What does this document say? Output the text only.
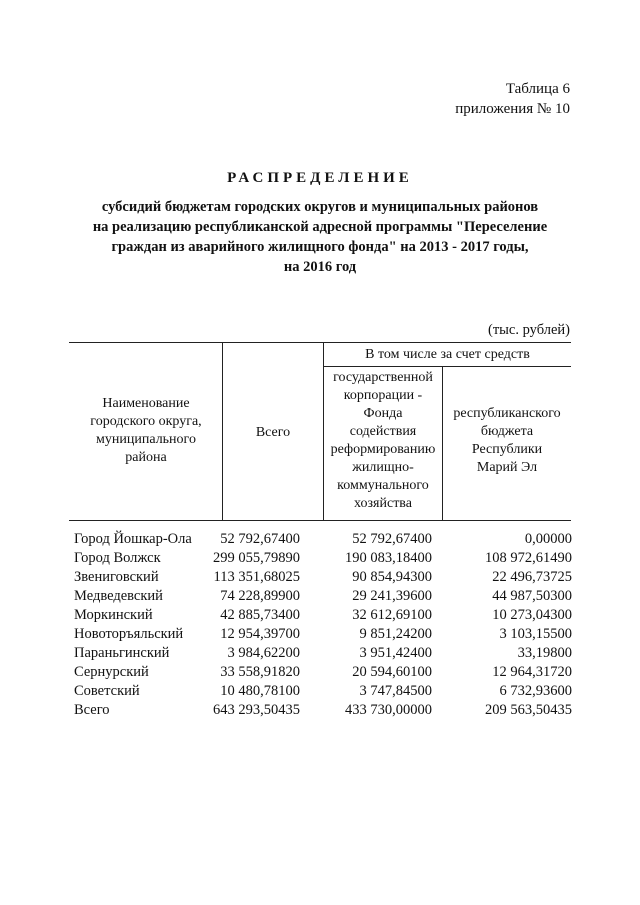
Таблица 6
приложения № 10
РАСПРЕДЕЛЕНИЕ
субсидий бюджетам городских округов и муниципальных районов
на реализацию республиканской адресной программы "Переселение
граждан из аварийного жилищного фонда" на 2013 - 2017 годы,
на 2016 год
(тыс. рублей)
Наименование
городского округа,
муниципального
района
Всего
В том числе за счет средств
государственной
корпорации -
Фонда
содействия
реформированию
жилищно-
коммунального
хозяйства
республиканского
бюджета
Республики
Марий Эл
Город Йошкар-Ола 52 792,67400	52 792,67400	0,00000
Город Волжск	299 055,79890	190 083,18400	108 972,61490
Звениговский	113 351,68025	90 854,94300	22 496,73725
Медведевский	74 228,89900	29 241,39600	44 987,50300
Моркинский	42 885,73400	32 612,69100	10 273,04300
Новоторъяльский	12 954,39700	9 851,24200	3 103,15500
Параньгинский	3 984,62200	3 951,42400	33,19800
Сернурский	33 558,91820	20 594,60100	12 964,31720
Советский	10 480,78100	3 747,84500	6 732,93600
Всего	643 293,50435	433 730,00000	209 563,50435
